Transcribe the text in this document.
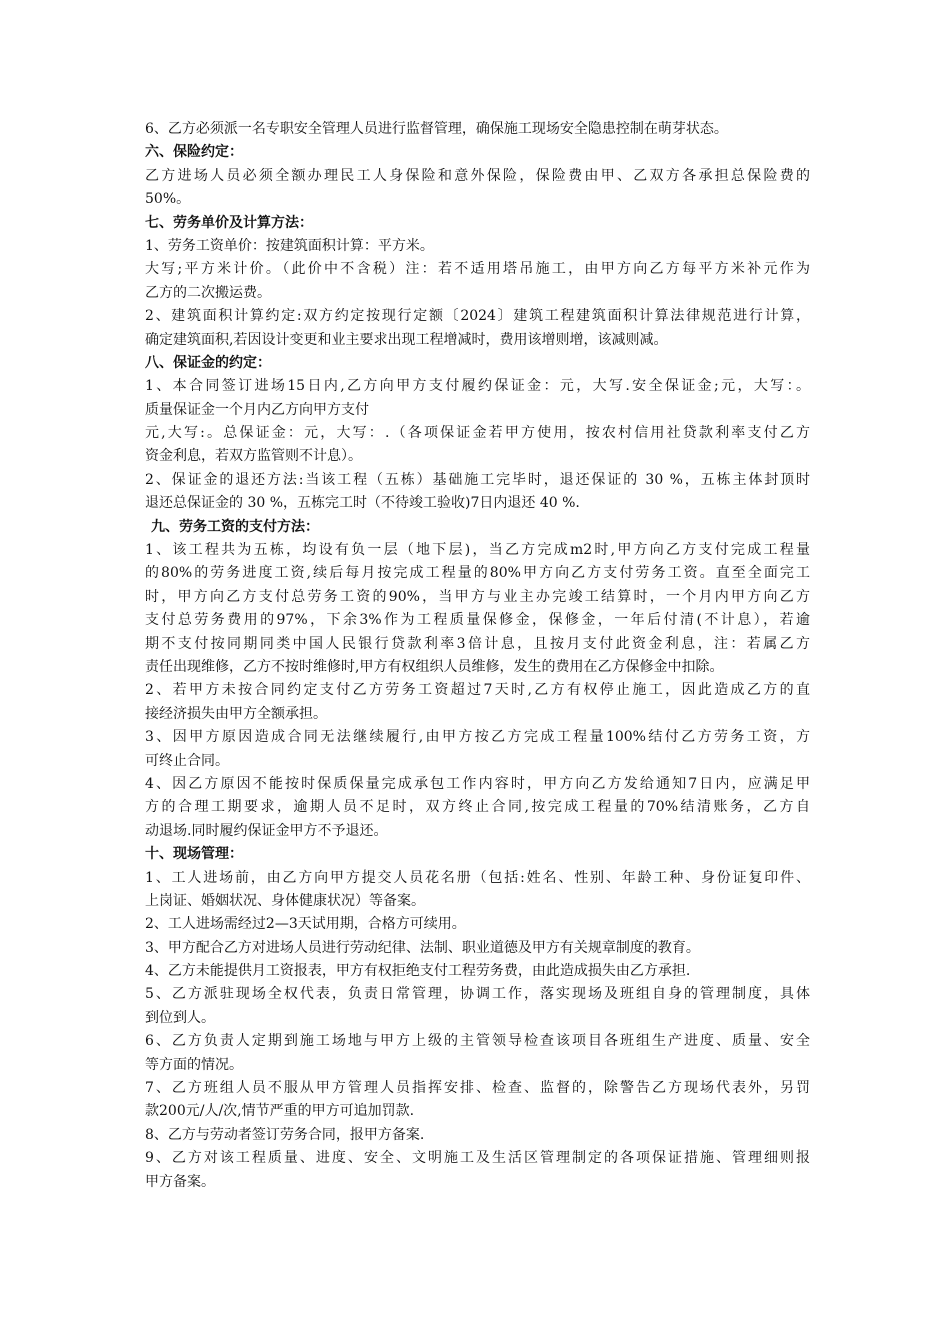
6、乙方必须派一名专职安全管理人员进行监督管理，确保施工现场安全隐患控制在萌芽状态。
六、保险约定：
乙方进场人员必须全额办理民工人身保险和意外保险，保险费由甲、乙双方各承担总保险费的
50%。
七、劳务单价及计算方法：
1、劳务工资单价：按建筑面积计算：平方米。
大写;平方米计价。（此价中不含税）注：若不适用塔吊施工，由甲方向乙方每平方米补元作为
乙方的二次搬运费。
2、建筑面积计算约定:双方约定按现行定额〔2024〕建筑工程建筑面积计算法律规范进行计算，
确定建筑面积,若因设计变更和业主要求出现工程增减时，费用该增则增，该减则减。
八、保证金的约定：
1、本合同签订进场15日内,乙方向甲方支付履约保证金：元，大写.安全保证金;元，大写：。
质量保证金一个月内乙方向甲方支付
元,大写:。总保证金：元，大写：.（各项保证金若甲方使用，按农村信用社贷款利率支付乙方
资金利息，若双方监管则不计息）。
2、保证金的退还方法:当该工程（五栋）基础施工完毕时，退还保证的 30 %，五栋主体封顶时
退还总保证金的 30 %，五栋完工时（不待竣工验收)7日内退还 40 %.
九、劳务工资的支付方法：
1、该工程共为五栋，均设有负一层（地下层)，当乙方完成m2时,甲方向乙方支付完成工程量
的80%的劳务进度工资,续后每月按完成工程量的80%甲方向乙方支付劳务工资。直至全面完工
时，甲方向乙方支付总劳务工资的90%，当甲方与业主办完竣工结算时，一个月内甲方向乙方
支付总劳务费用的97%，下余3%作为工程质量保修金，保修金，一年后付清(不计息），若逾
期不支付按同期同类中国人民银行贷款利率3倍计息，且按月支付此资金利息，注：若属乙方
责任出现维修，乙方不按时维修时,甲方有权组织人员维修，发生的费用在乙方保修金中扣除。
2、若甲方未按合同约定支付乙方劳务工资超过7天时,乙方有权停止施工，因此造成乙方的直
接经济损失由甲方全额承担。
3、因甲方原因造成合同无法继续履行,由甲方按乙方完成工程量100%结付乙方劳务工资，方
可终止合同。
4、因乙方原因不能按时保质保量完成承包工作内容时，甲方向乙方发给通知7日内，应满足甲
方的合理工期要求，逾期人员不足时，双方终止合同,按完成工程量的70%结清账务，乙方自
动退场.同时履约保证金甲方不予退还。
十、现场管理：
1、工人进场前，由乙方向甲方提交人员花名册（包括:姓名、性别、年龄工种、身份证复印件、
上岗证、婚姻状况、身体健康状况）等备案。
2、工人进场需经过2—3天试用期，合格方可续用。
3、甲方配合乙方对进场人员进行劳动纪律、法制、职业道德及甲方有关规章制度的教育。
4、乙方未能提供月工资报表，甲方有权拒绝支付工程劳务费，由此造成损失由乙方承担.
5、乙方派驻现场全权代表，负责日常管理，协调工作，落实现场及班组自身的管理制度，具体
到位到人。
6、乙方负责人定期到施工场地与甲方上级的主管领导检查该项目各班组生产进度、质量、安全
等方面的情况。
7、乙方班组人员不服从甲方管理人员指挥安排、检查、监督的，除警告乙方现场代表外，另罚
款200元/人/次,情节严重的甲方可追加罚款.
8、乙方与劳动者签订劳务合同，报甲方备案.
9、乙方对该工程质量、进度、安全、文明施工及生活区管理制定的各项保证措施、管理细则报
甲方备案。
